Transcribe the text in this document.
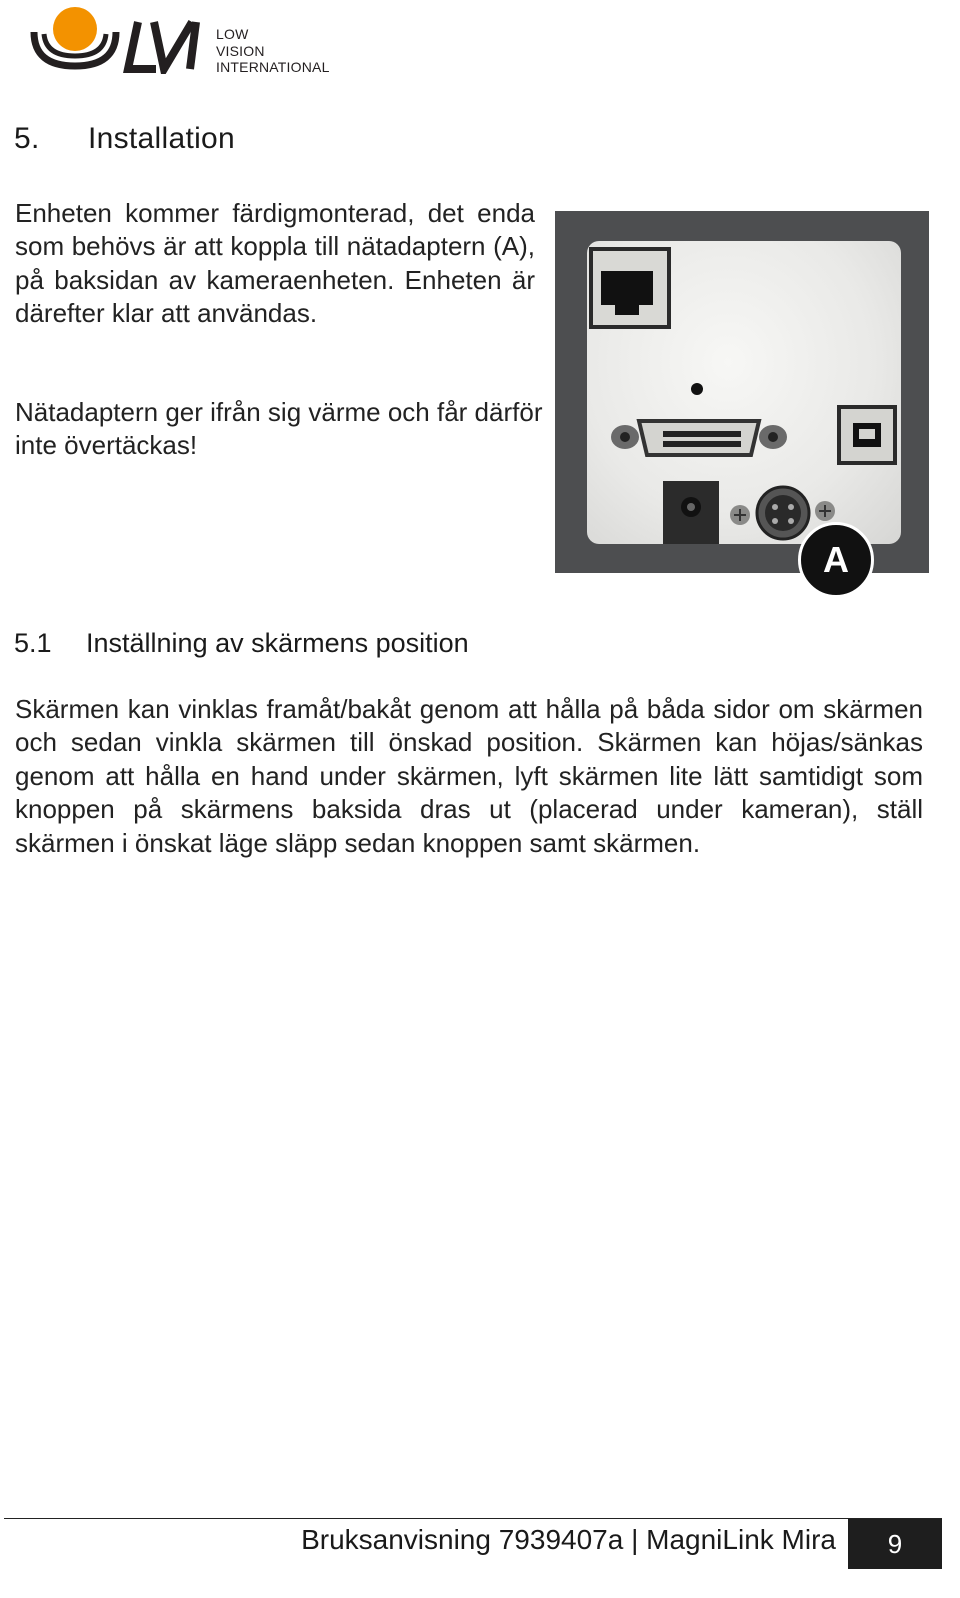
LOW
VISION
INTERNATIONAL
5. Installation

Enheten kommer färdigmonterad, det enda som behövs är att koppla till nätadaptern (A), på baksidan av kameraenheten. Enheten är därefter klar att användas.

Nätadaptern ger ifrån sig värme och får därför inte övertäckas!

A
5.1 Inställning av skärmens position

Skärmen kan vinklas framåt/bakåt genom att hålla på båda sidor om skärmen och sedan vinkla skärmen till önskad position. Skärmen kan höjas/sänkas genom att hålla en hand under skärmen, lyft skärmen lite lätt samtidigt som knoppen på skärmens baksida dras ut (placerad under kameran), ställ skärmen i önskat läge släpp sedan knoppen samt skärmen.

Bruksanvisning 7939407a | MagniLink Mira	9
